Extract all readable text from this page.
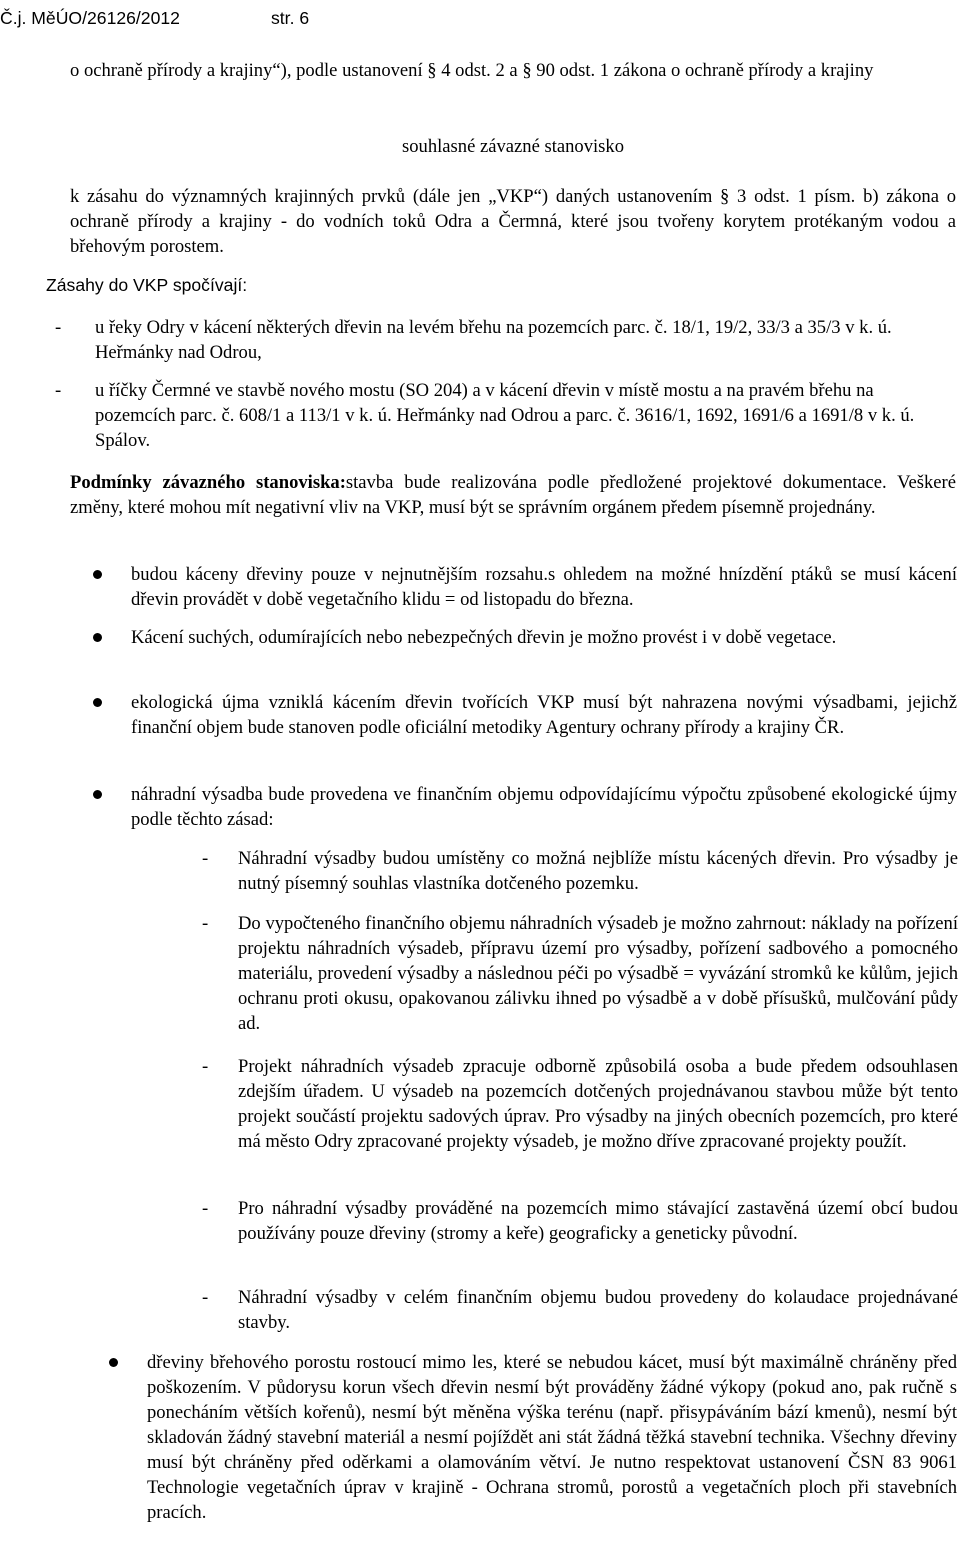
Č.j. MěÚO/26126/2012	str. 6

o ochraně přírody a krajiny“), podle ustanovení § 4 odst. 2 a § 90 odst. 1 zákona o ochraně přírody a krajiny

souhlasné závazné stanovisko

k zásahu do významných krajinných prvků (dále jen „VKP“) daných ustanovením § 3 odst. 1 písm. b) zákona o ochraně přírody a krajiny - do vodních toků Odra a Čermná, které jsou tvořeny korytem protékaným vodou a břehovým porostem.

Zásahy do VKP spočívají:

- u řeky Odry v kácení některých dřevin na levém břehu na pozemcích parc. č. 18/1, 19/2, 33/3 a 35/3 v k. ú. Heřmánky nad Odrou,

- u říčky Čermné ve stavbě nového mostu (SO 204) a v kácení dřevin v místě mostu a na pravém břehu na pozemcích parc. č. 608/1 a 113/1 v k. ú. Heřmánky nad Odrou a parc. č. 3616/1, 1692, 1691/6 a 1691/8 v k. ú. Spálov.

Podmínky závazného stanoviska:stavba bude realizována podle předložené projektové dokumentace. Veškeré změny, které mohou mít negativní vliv na VKP, musí být se správním orgánem předem písemně projednány.

budou káceny dřeviny pouze v nejnutnějším rozsahu.s ohledem na možné hnízdění ptáků se musí kácení dřevin provádět v době vegetačního klidu = od listopadu do března.

Kácení suchých, odumírajících nebo nebezpečných dřevin je možno provést i v době vegetace.

ekologická újma vzniklá kácením dřevin tvořících VKP musí být nahrazena novými výsadbami, jejichž finanční objem bude stanoven podle oficiální metodiky Agentury ochrany přírody a krajiny ČR.

náhradní výsadba bude provedena ve finančním objemu odpovídajícímu výpočtu způsobené ekologické újmy podle těchto zásad:

- Náhradní výsadby budou umístěny co možná nejblíže místu kácených dřevin. Pro výsadby je nutný písemný souhlas vlastníka dotčeného pozemku.

- Do vypočteného finančního objemu náhradních výsadeb je možno zahrnout: náklady na pořízení projektu náhradních výsadeb, přípravu území pro výsadby, pořízení sadbového a pomocného materiálu, provedení výsadby a následnou péči po výsadbě = vyvázání stromků ke kůlům, jejich ochranu proti okusu, opakovanou zálivku ihned po výsadbě a v době přísušků, mulčování půdy ad.

- Projekt náhradních výsadeb zpracuje odborně způsobilá osoba a bude předem odsouhlasen zdejším úřadem. U výsadeb na pozemcích dotčených projednávanou stavbou může být tento projekt součástí projektu sadových úprav. Pro výsadby na jiných obecních pozemcích, pro které má město Odry zpracované projekty výsadeb, je možno dříve zpracované projekty použít.

- Pro náhradní výsadby prováděné na pozemcích mimo stávající zastavěná území obcí budou používány pouze dřeviny (stromy a keře) geograficky a geneticky původní.

- Náhradní výsadby v celém finančním objemu budou provedeny do kolaudace projednávané stavby.

dřeviny břehového porostu rostoucí mimo les, které se nebudou kácet, musí být maximálně chráněny před poškozením. V půdorysu korun všech dřevin nesmí být prováděny žádné výkopy (pokud ano, pak ručně s ponecháním větších kořenů), nesmí být měněna výška terénu (např. přisypáváním bází kmenů), nesmí být skladován žádný stavební materiál a nesmí pojíždět ani stát žádná těžká stavební technika. Všechny dřeviny musí být chráněny před oděrkami a olamováním větví. Je nutno respektovat ustanovení ČSN 83 9061 Technologie vegetačních úprav v krajině - Ochrana stromů, porostů a vegetačních ploch při stavebních pracích.
